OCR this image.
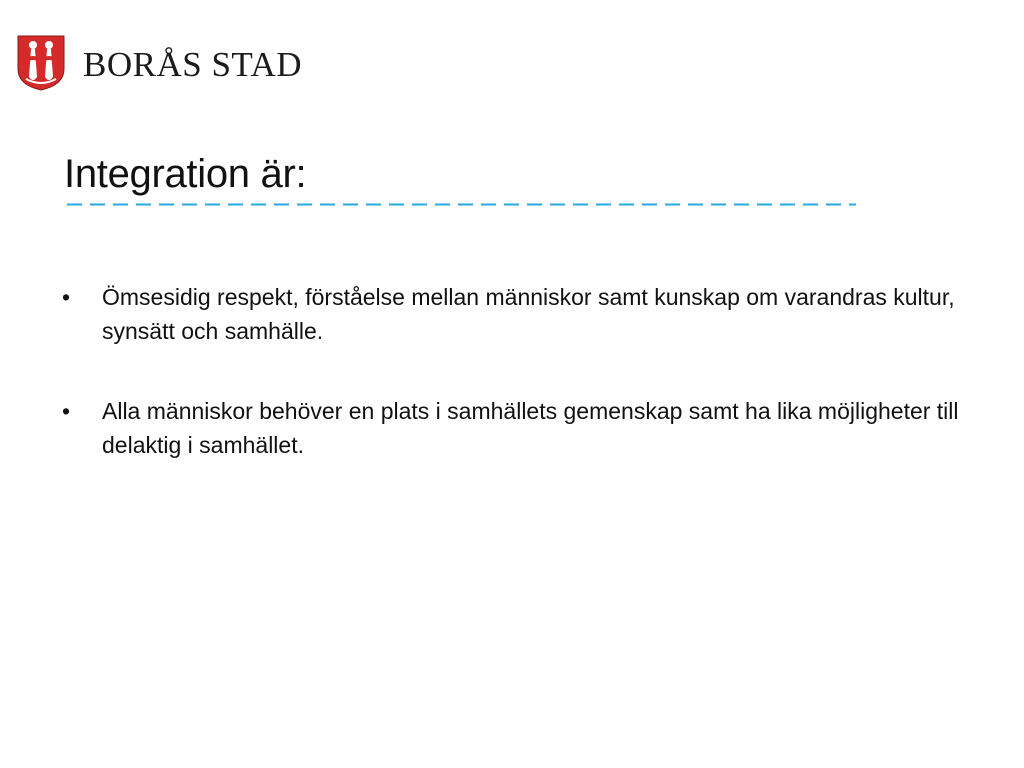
BORÅS STAD
Integration är:
• Ömsesidig respekt, förståelse mellan människor samt kunskap om varandras kultur, synsätt och samhälle.
• Alla människor behöver en plats i samhällets gemenskap samt ha lika möjligheter till delaktig i samhället.
